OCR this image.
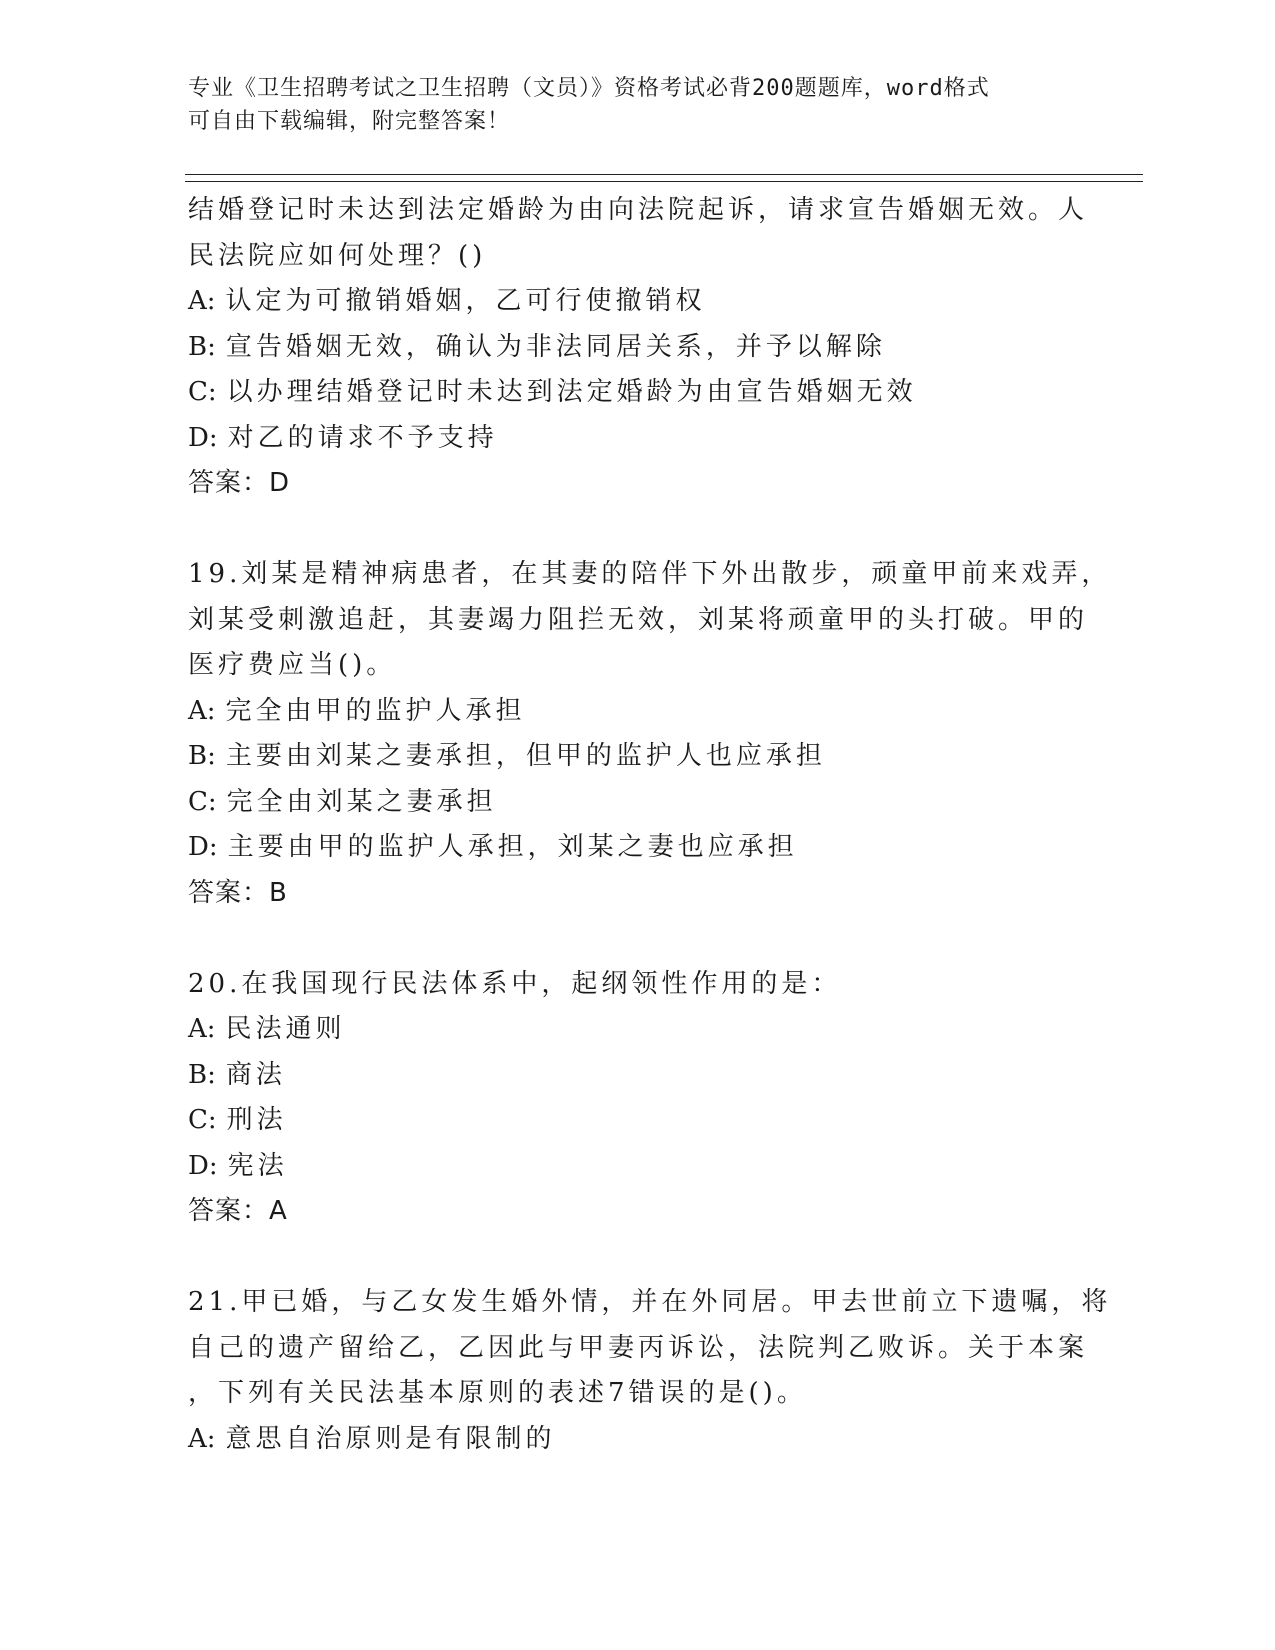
专业《卫生招聘考试之卫生招聘（文员）》资格考试必背200题题库，word格式
可自由下载编辑，附完整答案！
结婚登记时未达到法定婚龄为由向法院起诉，请求宣告婚姻无效。人
民法院应如何处理？()
A: 认定为可撤销婚姻，乙可行使撤销权
B: 宣告婚姻无效，确认为非法同居关系，并予以解除
C: 以办理结婚登记时未达到法定婚龄为由宣告婚姻无效
D: 对乙的请求不予支持
答案：D
19.刘某是精神病患者，在其妻的陪伴下外出散步，顽童甲前来戏弄，
刘某受刺激追赶，其妻竭力阻拦无效，刘某将顽童甲的头打破。甲的
医疗费应当()。
A: 完全由甲的监护人承担
B: 主要由刘某之妻承担，但甲的监护人也应承担
C: 完全由刘某之妻承担
D: 主要由甲的监护人承担，刘某之妻也应承担
答案：B
20.在我国现行民法体系中，起纲领性作用的是：
A: 民法通则
B: 商法
C: 刑法
D: 宪法
答案：A
21.甲已婚，与乙女发生婚外情，并在外同居。甲去世前立下遗嘱，将
自己的遗产留给乙，乙因此与甲妻丙诉讼，法院判乙败诉。关于本案
，下列有关民法基本原则的表述7错误的是()。
A: 意思自治原则是有限制的
